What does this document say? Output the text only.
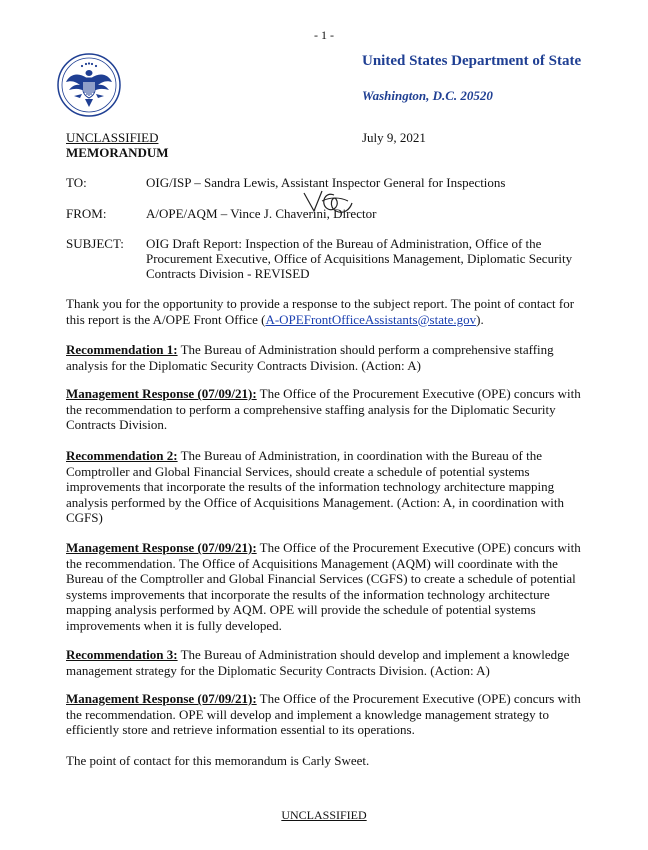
- 1 -
United States Department of State
Washington, D.C. 20520
UNCLASSIFIED
MEMORANDUM
July 9, 2021
TO:	OIG/ISP – Sandra Lewis, Assistant Inspector General for Inspections
FROM:	A/OPE/AQM – Vince J. Chaverini, Director
SUBJECT: OIG Draft Report: Inspection of the Bureau of Administration, Office of the Procurement Executive, Office of Acquisitions Management, Diplomatic Security Contracts Division - REVISED

Thank you for the opportunity to provide a response to the subject report. The point of contact for this report is the A/OPE Front Office (A-OPEFrontOfficeAssistants@state.gov).

Recommendation 1: The Bureau of Administration should perform a comprehensive staffing analysis for the Diplomatic Security Contracts Division. (Action: A)

Management Response (07/09/21): The Office of the Procurement Executive (OPE) concurs with the recommendation to perform a comprehensive staffing analysis for the Diplomatic Security Contracts Division.

Recommendation 2: The Bureau of Administration, in coordination with the Bureau of the Comptroller and Global Financial Services, should create a schedule of potential systems improvements that incorporate the results of the information technology architecture mapping analysis performed by the Office of Acquisitions Management. (Action: A, in coordination with CGFS)

Management Response (07/09/21): The Office of the Procurement Executive (OPE) concurs with the recommendation. The Office of Acquisitions Management (AQM) will coordinate with the Bureau of the Comptroller and Global Financial Services (CGFS) to create a schedule of potential systems improvements that incorporate the results of the information technology architecture mapping analysis performed by AQM. OPE will provide the schedule of potential systems improvements when it is fully developed.

Recommendation 3: The Bureau of Administration should develop and implement a knowledge management strategy for the Diplomatic Security Contracts Division. (Action: A)

Management Response (07/09/21): The Office of the Procurement Executive (OPE) concurs with the recommendation. OPE will develop and implement a knowledge management strategy to efficiently store and retrieve information essential to its operations.

The point of contact for this memorandum is Carly Sweet.

UNCLASSIFIED
